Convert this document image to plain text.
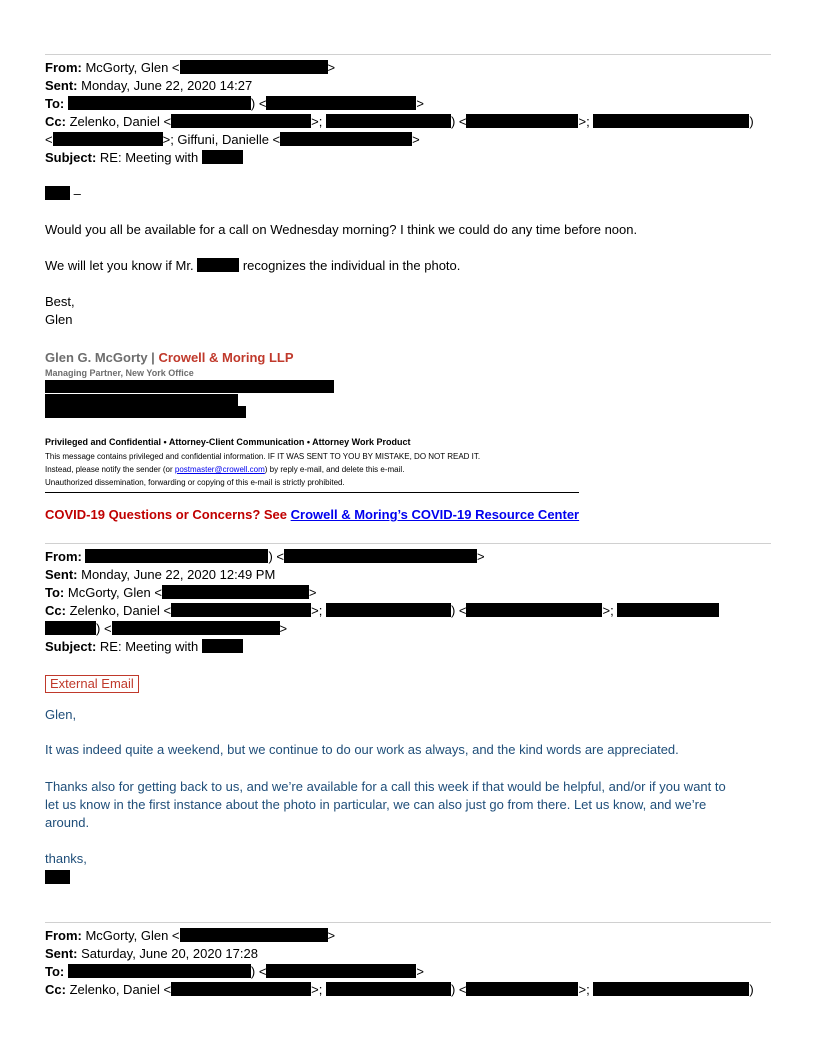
From: McGorty, Glen <	>
Sent: Monday, June 22, 2020 14:27
To:	) <	>
Cc: Zelenko, Daniel <	>;	) <	>;	)
<	>; Giffuni, Danielle <	>
Subject: RE: Meeting with
–
Would you all be available for a call on Wednesday morning? I think we could do any time before noon.
We will let you know if Mr.	recognizes the individual in the photo.
Best,
Glen
Glen G. McGorty | Crowell & Moring LLP
Managing Partner, New York Office
Privileged and Confidential • Attorney-Client Communication • Attorney Work Product
This message contains privileged and confidential information. IF IT WAS SENT TO YOU BY MISTAKE, DO NOT READ IT.
Instead, please notify the sender (or postmaster@crowell.com) by reply e-mail, and delete this e-mail.
Unauthorized dissemination, forwarding or copying of this e-mail is strictly prohibited.
COVID-19 Questions or Concerns? See Crowell & Moring’s COVID-19 Resource Center
From:	) <	>
Sent: Monday, June 22, 2020 12:49 PM
To: McGorty, Glen <	>
Cc: Zelenko, Daniel <	>;	) <	>;
) <	>
Subject: RE: Meeting with
External Email
Glen,
It was indeed quite a weekend, but we continue to do our work as always, and the kind words are appreciated.
Thanks also for getting back to us, and we’re available for a call this week if that would be helpful, and/or if you want to
let us know in the first instance about the photo in particular, we can also just go from there. Let us know, and we’re
around.
thanks,
From: McGorty, Glen <	>
Sent: Saturday, June 20, 2020 17:28
To:	) <	>
Cc: Zelenko, Daniel <	>;	) <	>;	)
